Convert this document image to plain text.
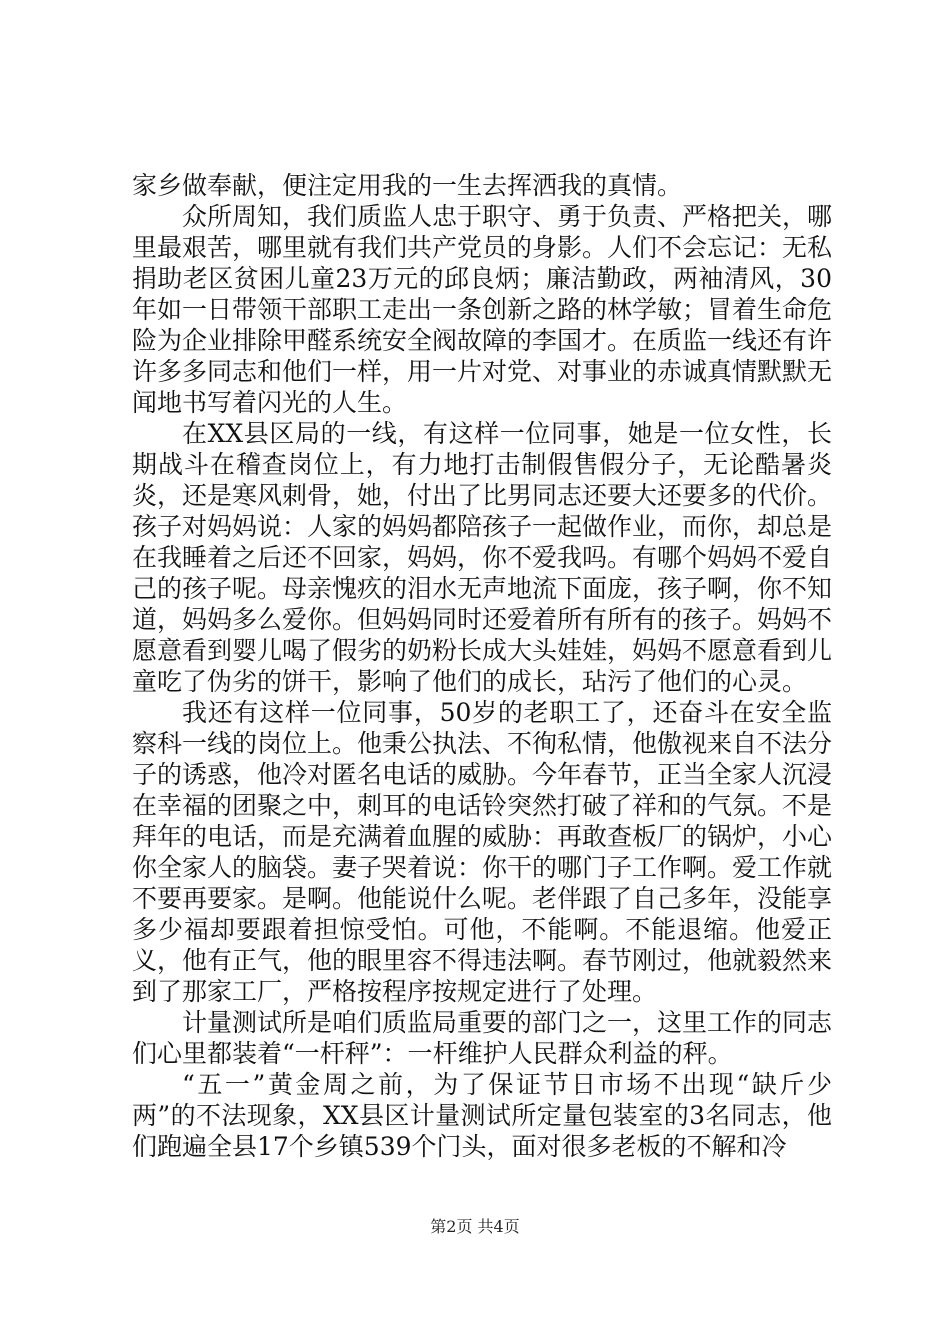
家乡做奉献，便注定用我的一生去挥洒我的真情。

众所周知，我们质监人忠于职守、勇于负责、严格把关，哪里最艰苦，哪里就有我们共产党员的身影。人们不会忘记：无私捐助老区贫困儿童23万元的邱良炳；廉洁勤政，两袖清风，30年如一日带领干部职工走出一条创新之路的林学敏；冒着生命危险为企业排除甲醛系统安全阀故障的李国才。在质监一线还有许许多多同志和他们一样，用一片对党、对事业的赤诚真情默默无闻地书写着闪光的人生。

在XX县区局的一线，有这样一位同事，她是一位女性，长期战斗在稽查岗位上，有力地打击制假售假分子，无论酷暑炎炎，还是寒风刺骨，她，付出了比男同志还要大还要多的代价。孩子对妈妈说：人家的妈妈都陪孩子一起做作业，而你，却总是在我睡着之后还不回家，妈妈，你不爱我吗。有哪个妈妈不爱自己的孩子呢。母亲愧疚的泪水无声地流下面庞，孩子啊，你不知道，妈妈多么爱你。但妈妈同时还爱着所有所有的孩子。妈妈不愿意看到婴儿喝了假劣的奶粉长成大头娃娃，妈妈不愿意看到儿童吃了伪劣的饼干，影响了他们的成长，玷污了他们的心灵。

我还有这样一位同事，50岁的老职工了，还奋斗在安全监察科一线的岗位上。他秉公执法、不徇私情，他傲视来自不法分子的诱惑，他冷对匿名电话的威胁。今年春节，正当全家人沉浸在幸福的团聚之中，刺耳的电话铃突然打破了祥和的气氛。不是拜年的电话，而是充满着血腥的威胁：再敢查板厂的锅炉，小心你全家人的脑袋。妻子哭着说：你干的哪门子工作啊。爱工作就不要再要家。是啊。他能说什么呢。老伴跟了自己多年，没能享多少福却要跟着担惊受怕。可他，不能啊。不能退缩。他爱正义，他有正气，他的眼里容不得违法啊。春节刚过，他就毅然来到了那家工厂，严格按程序按规定进行了处理。

计量测试所是咱们质监局重要的部门之一，这里工作的同志们心里都装着“一杆秤”：一杆维护人民群众利益的秤。

“五一”黄金周之前，为了保证节日市场不出现“缺斤少两”的不法现象，XX县区计量测试所定量包装室的3名同志，他们跑遍全县17个乡镇539个门头，面对很多老板的不解和冷

第2页 共4页
